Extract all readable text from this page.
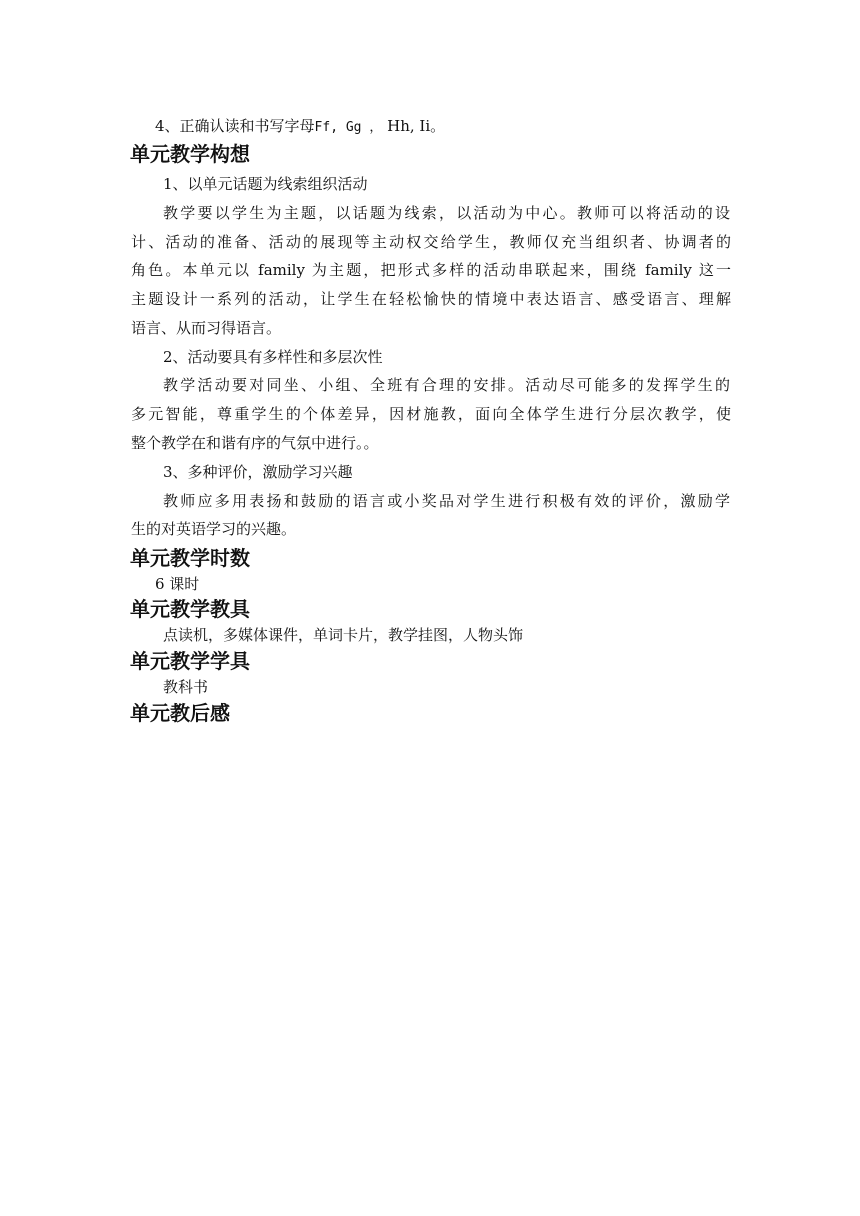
4、正确认读和书写字母Ff, Gg ， Hh, Ii。
单元教学构想
1、以单元话题为线索组织活动
教学要以学生为主题，以话题为线索，以活动为中心。教师可以将活动的设
计、活动的准备、活动的展现等主动权交给学生，教师仅充当组织者、协调者的
角色。本单元以 family 为主题，把形式多样的活动串联起来，围绕 family 这一
主题设计一系列的活动，让学生在轻松愉快的情境中表达语言、感受语言、理解
语言、从而习得语言。
2、活动要具有多样性和多层次性
教学活动要对同坐、小组、全班有合理的安排。活动尽可能多的发挥学生的
多元智能，尊重学生的个体差异，因材施教，面向全体学生进行分层次教学，使
整个教学在和谐有序的气氛中进行。。
3、多种评价，激励学习兴趣
教师应多用表扬和鼓励的语言或小奖品对学生进行积极有效的评价，激励学
生的对英语学习的兴趣。
单元教学时数
6 课时
单元教学教具
点读机，多媒体课件，单词卡片，教学挂图，人物头饰
单元教学学具
教科书
单元教后感
